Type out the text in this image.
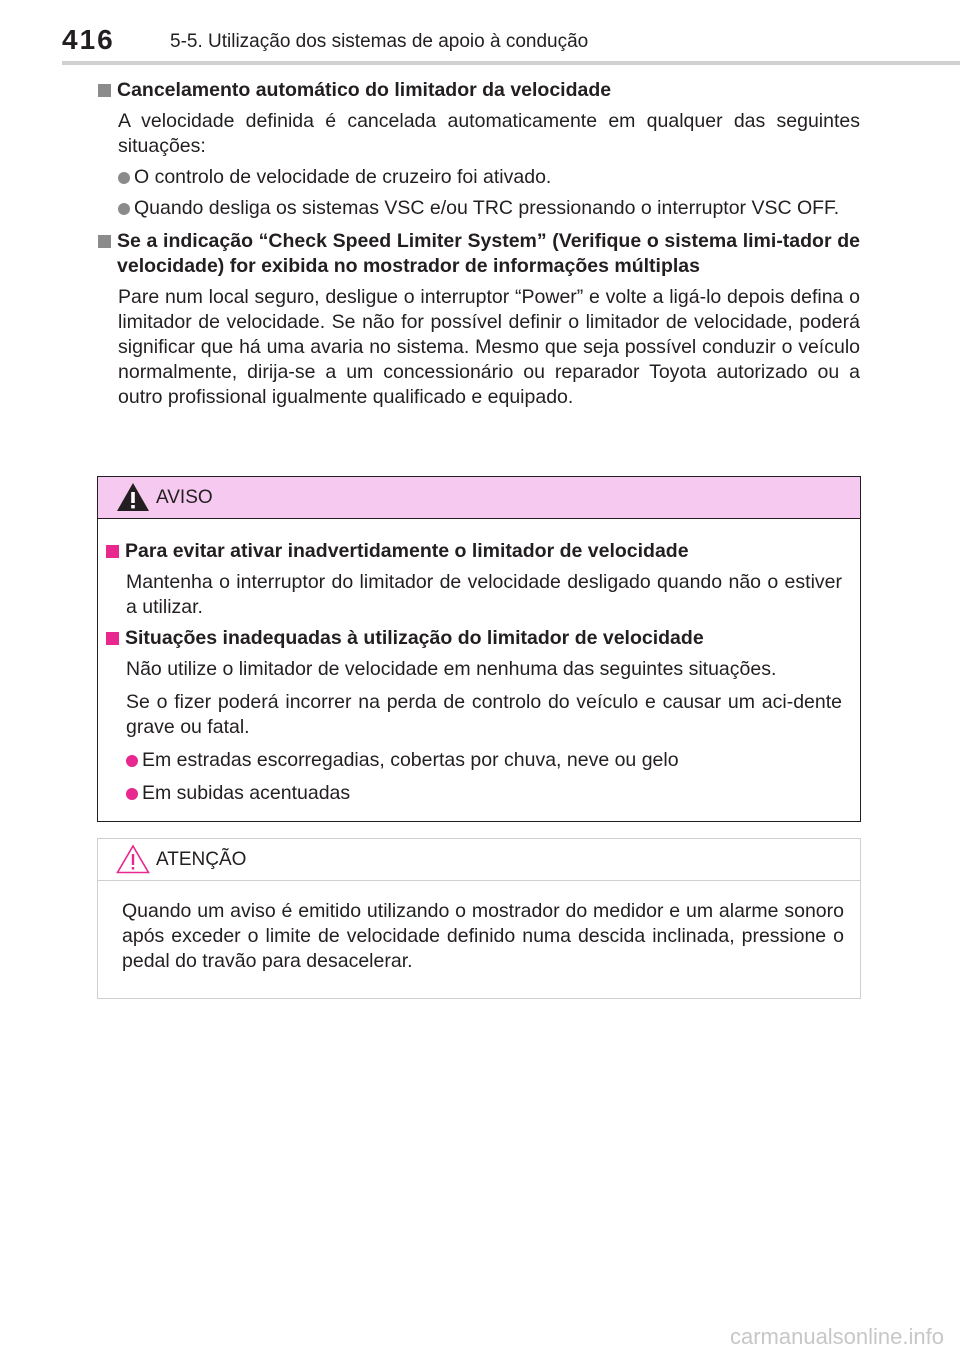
416	5-5. Utilização dos sistemas de apoio à condução
Cancelamento automático do limitador da velocidade
A velocidade definida é cancelada automaticamente em qualquer das seguintes situações:
O controlo de velocidade de cruzeiro foi ativado.
Quando desliga os sistemas VSC e/ou TRC pressionando o interruptor VSC OFF.
Se a indicação “Check Speed Limiter System” (Verifique o sistema limi-tador de velocidade) for exibida no mostrador de informações múltiplas
Pare num local seguro, desligue o interruptor “Power” e volte a ligá-lo depois defina o limitador de velocidade. Se não for possível definir o limitador de velocidade, poderá significar que há uma avaria no sistema. Mesmo que seja possível conduzir o veículo normalmente, dirija-se a um concessionário ou reparador Toyota autorizado ou a outro profissional igualmente qualificado e equipado.
AVISO
Para evitar ativar inadvertidamente o limitador de velocidade
Mantenha o interruptor do limitador de velocidade desligado quando não o estiver a utilizar.
Situações inadequadas à utilização do limitador de velocidade
Não utilize o limitador de velocidade em nenhuma das seguintes situações.
Se o fizer poderá incorrer na perda de controlo do veículo e causar um aci-dente grave ou fatal.
Em estradas escorregadias, cobertas por chuva, neve ou gelo
Em subidas acentuadas
ATENÇÃO
Quando um aviso é emitido utilizando o mostrador do medidor e um alarme sonoro após exceder o limite de velocidade definido numa descida inclinada, pressione o pedal do travão para desacelerar.
carmanualsonline.info
